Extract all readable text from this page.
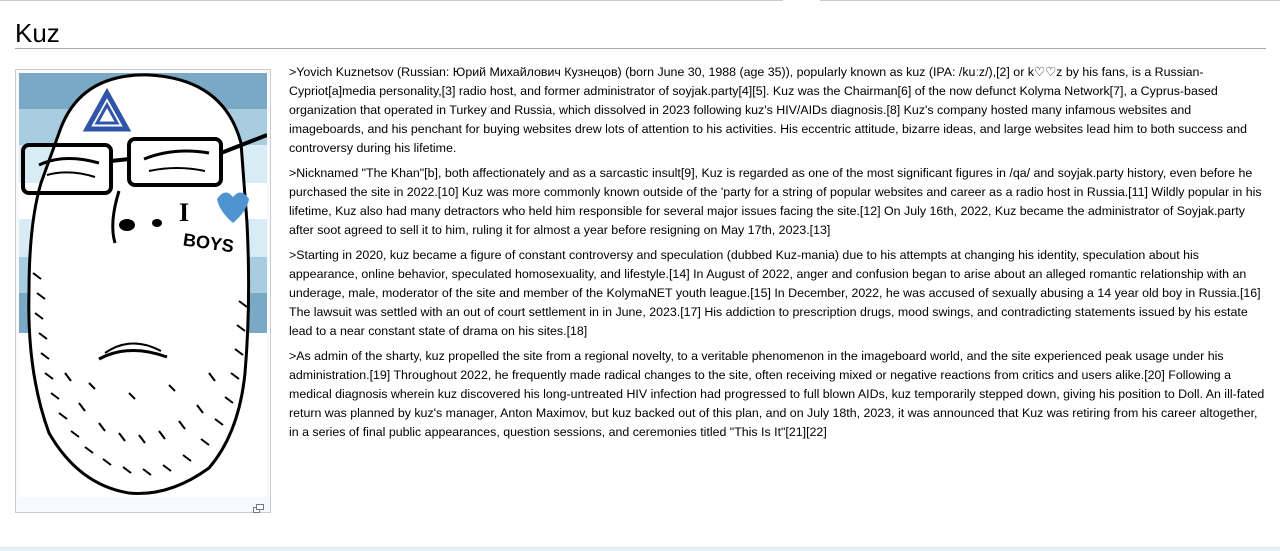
Kuz
I
BOYS

>Yovich Kuznetsov (Russian: Юрий Михайлович Кузнецов) (born June 30, 1988 (age 35)), popularly known as kuz (IPA: /kuːz/),[2] or k♡♡z by his fans, is a Russian-Cypriot[a]media personality,[3] radio host, and former administrator of soyjak.party[4][5]. Kuz was the Chairman[6] of the now defunct Kolyma Network[7], a Cyprus-based organization that operated in Turkey and Russia, which dissolved in 2023 following kuz's HIV/AIDs diagnosis.[8] Kuz's company hosted many infamous websites and imageboards, and his penchant for buying websites drew lots of attention to his activities. His eccentric attitude, bizarre ideas, and large websites lead him to both success and controversy during his lifetime.

>Nicknamed "The Khan"[b], both affectionately and as a sarcastic insult[9], Kuz is regarded as one of the most significant figures in /qa/ and soyjak.party history, even before he purchased the site in 2022.[10] Kuz was more commonly known outside of the 'party for a string of popular websites and career as a radio host in Russia.[11] Wildly popular in his lifetime, Kuz also had many detractors who held him responsible for several major issues facing the site.[12] On July 16th, 2022, Kuz became the administrator of Soyjak.party after soot agreed to sell it to him, ruling it for almost a year before resigning on May 17th, 2023.[13]

>Starting in 2020, kuz became a figure of constant controversy and speculation (dubbed Kuz-mania) due to his attempts at changing his identity, speculation about his appearance, online behavior, speculated homosexuality, and lifestyle.[14] In August of 2022, anger and confusion began to arise about an alleged romantic relationship with an underage, male, moderator of the site and member of the KolymaNET youth league.[15] In December, 2022, he was accused of sexually abusing a 14 year old boy in Russia.[16] The lawsuit was settled with an out of court settlement in in June, 2023.[17] His addiction to prescription drugs, mood swings, and contradicting statements issued by his estate lead to a near constant state of drama on his sites.[18]

>As admin of the sharty, kuz propelled the site from a regional novelty, to a veritable phenomenon in the imageboard world, and the site experienced peak usage under his administration.[19] Throughout 2022, he frequently made radical changes to the site, often receiving mixed or negative reactions from critics and users alike.[20] Following a medical diagnosis wherein kuz discovered his long-untreated HIV infection had progressed to full blown AIDs, kuz temporarily stepped down, giving his position to Doll. An ill-fated return was planned by kuz's manager, Anton Maximov, but kuz backed out of this plan, and on July 18th, 2023, it was announced that Kuz was retiring from his career altogether, in a series of final public appearances, question sessions, and ceremonies titled "This Is It"[21][22]
